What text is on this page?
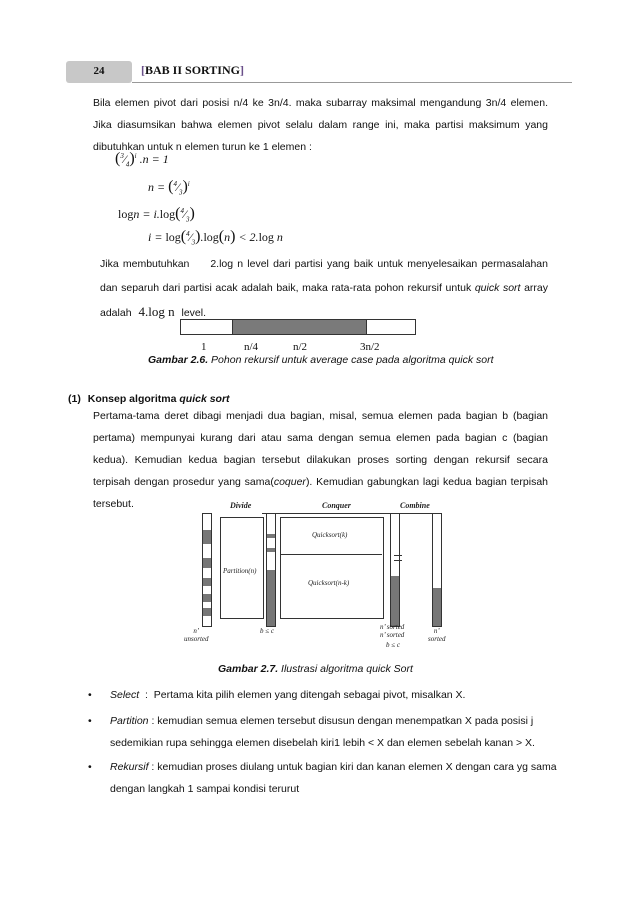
24	[BAB II SORTING]
Bila elemen pivot dari posisi n/4 ke 3n/4. maka subarray maksimal mengandung 3n/4 elemen. Jika diasumsikan bahwa elemen pivot selalu dalam range ini, maka partisi maksimum yang dibutuhkan untuk n elemen turun ke 1 elemen :
$(^3⁄_4)^i$ .n = 1
$n = (^4⁄_3)^i$
$\log n = i.\log(^4⁄_3)$
$i = \log(^4⁄_3).\log(n) < 2.\log$ n
Jika membutuhkan     2.log n level dari partisi yang baik untuk menyelesaikan permasalahan dan separuh dari partisi acak adalah baik, maka rata-rata pohon rekursif untuk quick sort array adalah 4.log n level.
1	n/4	n/2	3n/2
Gambar 2.6. Pohon rekursif untuk average case pada algoritma quick sort
(1) Konsep algoritma quick sort
Pertama-tama deret dibagi menjadi dua bagian, misal, semua elemen pada bagian b (bagian pertama) mempunyai kurang dari atau sama dengan semua elemen pada bagian c (bagian kedua). Kemudian kedua bagian tersebut dilakukan proses sorting dengan rekursif secara terpisah dengan prosedur yang sama(coquer). Kemudian gabungkan lagi kedua bagian terpisah tersebut.	Divide	Conquer	Combine
Partition(n)
Quicksort(k)
Quicksort(n-k)
n’
unsorted
b ≤ c	n’ sorted
n’ sorted
b ≤ c
n’
sorted
Gambar 2.7. Ilustrasi algoritma quick Sort
• Select  :  Pertama kita pilih elemen yang ditengah sebagai pivot, misalkan X.
• Partition : kemudian semua elemen tersebut disusun dengan menempatkan X pada posisi j sedemikian rupa sehingga elemen disebelah kiri1 lebih < X dan elemen sebelah kanan > X.
• Rekursif : kemudian proses diulang untuk bagian kiri dan kanan elemen X dengan cara yg sama dengan langkah 1 sampai kondisi terurut
